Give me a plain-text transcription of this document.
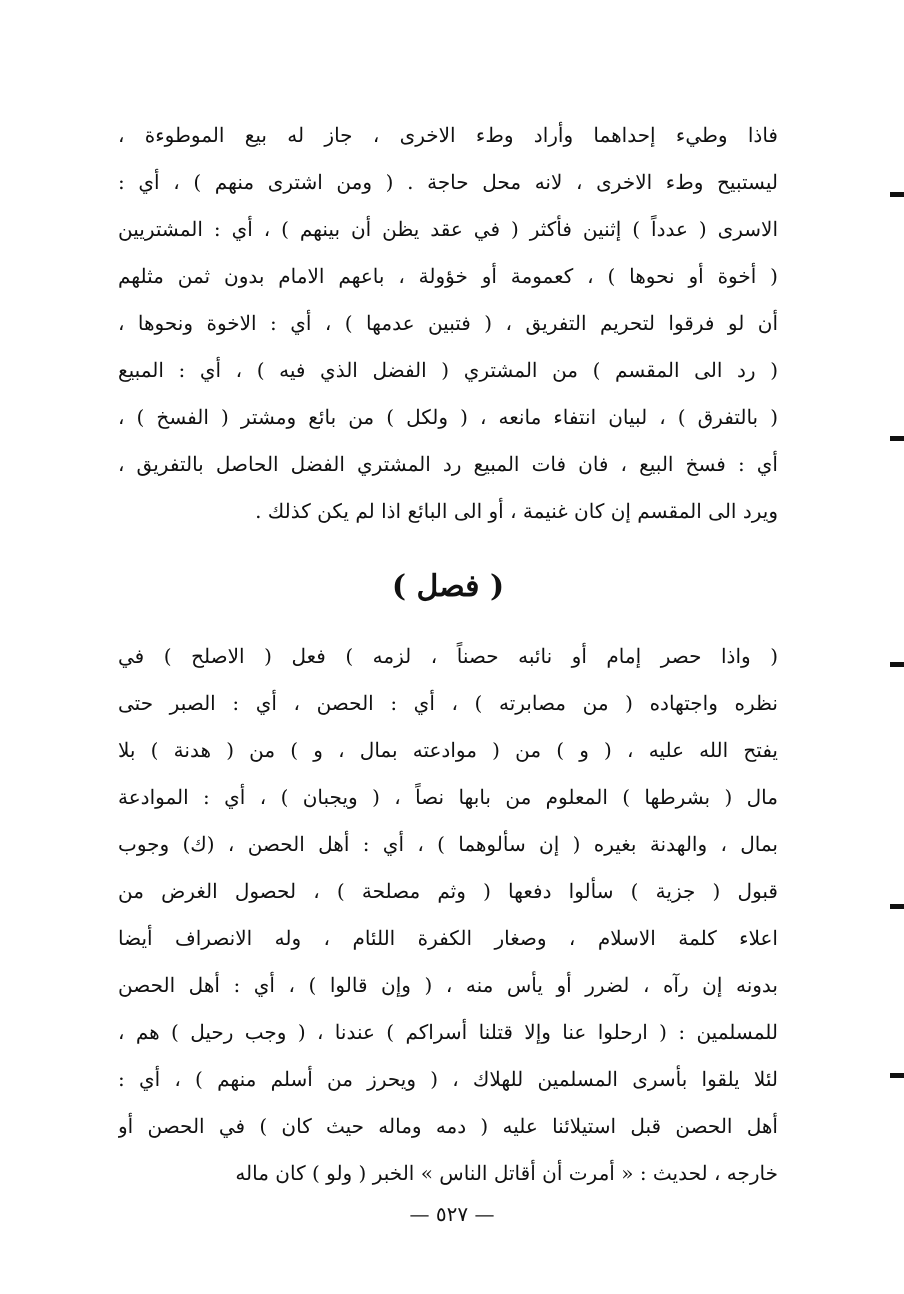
فاذا وطيء إحداهما وأراد وطء الاخرى ، جاز له بيع الموطوءة ،
ليستبيح وطء الاخرى ، لانه محل حاجة . ( ومن اشترى منهم ) ، أي :
الاسرى ( عدداً ) إثنين فأكثر ( في عقد يظن أن بينهم ) ، أي : المشتريين
( أخوة أو نحوها ) ، كعمومة أو خؤولة ، باعهم الامام بدون ثمن مثلهم
أن لو فرقوا لتحريم التفريق ، ( فتبين عدمها ) ، أي : الاخوة ونحوها ،
( رد الى المقسم ) من المشتري ( الفضل الذي فيه ) ، أي : المبيع
( بالتفرق ) ، لبيان انتفاء مانعه ، ( ولكل ) من بائع ومشتر ( الفسخ ) ،
أي : فسخ البيع ، فان فات المبيع رد المشتري الفضل الحاصل بالتفريق ،
ويرد الى المقسم إن كان غنيمة ، أو الى البائع اذا لم يكن كذلك .
( فصل )
( واذا حصر إمام أو نائبه حصناً ، لزمه ) فعل ( الاصلح ) في
نظره واجتهاده ( من مصابرته ) ، أي : الحصن ، أي : الصبر حتى
يفتح الله عليه ، ( و ) من ( موادعته بمال ، و ) من ( هدنة ) بلا
مال ( بشرطها ) المعلوم من بابها نصاً ، ( ويجبان ) ، أي : الموادعة
بمال ، والهدنة بغيره ( إن سألوهما ) ، أي : أهل الحصن ، (ك) وجوب
قبول ( جزية ) سألوا دفعها ( وثم مصلحة ) ، لحصول الغرض من
اعلاء كلمة الاسلام ، وصغار الكفرة اللئام ، وله الانصراف أيضا
بدونه إن رآه ، لضرر أو يأس منه ، ( وإن قالوا ) ، أي : أهل الحصن
للمسلمين : ( ارحلوا عنا وإلا قتلنا أسراكم ) عندنا ، ( وجب رحيل ) هم ،
لئلا يلقوا بأسرى المسلمين للهلاك ، ( ويحرز من أسلم منهم ) ، أي :
أهل الحصن قبل استيلائنا عليه ( دمه وماله حيث كان ) في الحصن أو
خارجه ، لحديث : « أمرت أن أقاتل الناس » الخبر ( ولو ) كان ماله
— ٥٢٧ —
